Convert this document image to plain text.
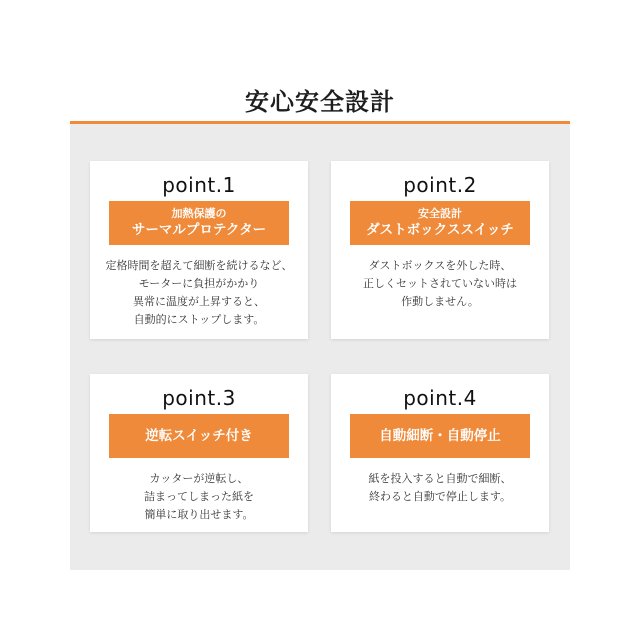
安心安全設計
point.1
加熱保護の
サーマルプロテクター
定格時間を超えて細断を続けるなど、
モーターに負担がかかり
異常に温度が上昇すると、
自動的にストップします。
point.2
安全設計
ダストボックススイッチ
ダストボックスを外した時、
正しくセットされていない時は
作動しません。
point.3
逆転スイッチ付き
カッターが逆転し、
詰まってしまった紙を
簡単に取り出せます。
point.4
自動細断・自動停止
紙を投入すると自動で細断、
終わると自動で停止します。
